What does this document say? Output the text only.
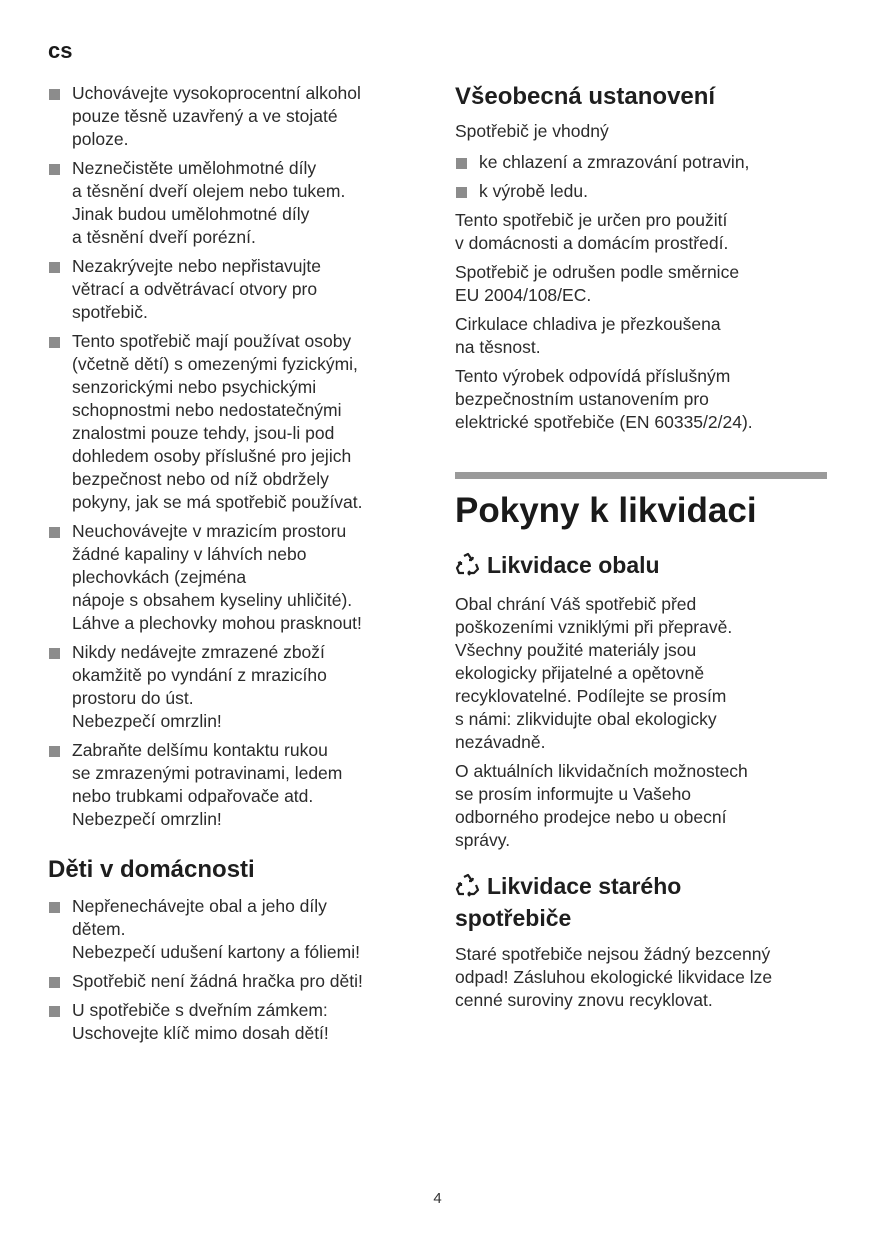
cs
Uchovávejte vysokoprocentní alkohol
pouze těsně uzavřený a ve stojaté
poloze.
Neznečistěte umělohmotné díly
a těsnění dveří olejem nebo tukem.
Jinak budou umělohmotné díly
a těsnění dveří porézní.
Nezakrývejte nebo nepřistavujte
větrací a odvětrávací otvory pro
spotřebič.
Tento spotřebič mají používat osoby
(včetně dětí) s omezenými fyzickými,
senzorickými nebo psychickými
schopnostmi nebo nedostatečnými
znalostmi pouze tehdy, jsou-li pod
dohledem osoby příslušné pro jejich
bezpečnost nebo od níž obdržely
pokyny, jak se má spotřebič používat.
Neuchovávejte v mrazicím prostoru
žádné kapaliny v láhvích nebo
plechovkách (zejména
nápoje s obsahem kyseliny uhličité).
Láhve a plechovky mohou prasknout!
Nikdy nedávejte zmrazené zboží
okamžitě po vyndání z mrazicího
prostoru do úst.
Nebezpečí omrzlin!
Zabraňte delšímu kontaktu rukou
se zmrazenými potravinami, ledem
nebo trubkami odpařovače atd.
Nebezpečí omrzlin!
Děti v domácnosti
Nepřenechávejte obal a jeho díly
dětem.
Nebezpečí udušení kartony a fóliemi!
Spotřebič není žádná hračka pro děti!
U spotřebiče s dveřním zámkem:
Uschovejte klíč mimo dosah dětí!
Všeobecná ustanovení

Spotřebič je vhodný

ke chlazení a zmrazování potravin,
k výrobě ledu.

Tento spotřebič je určen pro použití
v domácnosti a domácím prostředí.

Spotřebič je odrušen podle směrnice
EU 2004/108/EC.

Cirkulace chladiva je přezkoušena
na těsnost.

Tento výrobek odpovídá příslušným
bezpečnostním ustanovením pro
elektrické spotřebiče (EN 60335/2/24).

Pokyny k likvidaci
Likvidace obalu

Obal chrání Váš spotřebič před
poškozeními vzniklými při přepravě.
Všechny použité materiály jsou
ekologicky přijatelné a opětovně
recyklovatelné. Podílejte se prosím
s námi: zlikvidujte obal ekologicky
nezávadně.

O aktuálních likvidačních možnostech
se prosím informujte u Vašeho
odborného prodejce nebo u obecní
správy.

Likvidace starého
spotřebiče

Staré spotřebiče nejsou žádný bezcenný
odpad! Zásluhou ekologické likvidace lze
cenné suroviny znovu recyklovat.

4
